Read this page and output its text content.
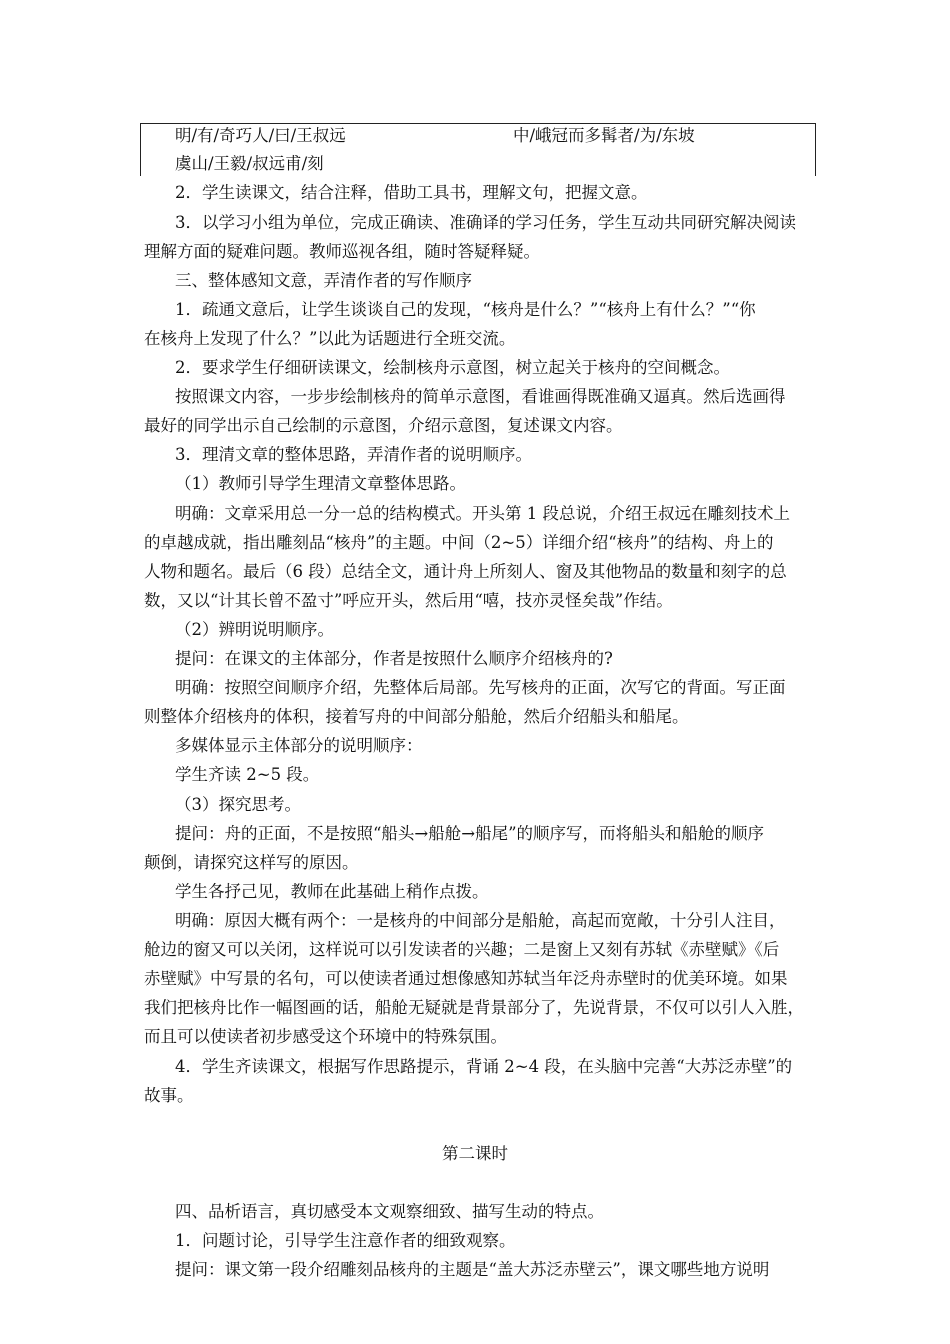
明/有/奇巧人/曰/王叔远	中/峨冠而多髯者/为/东坡
虞山/王毅/叔远甫/刻
2．学生读课文，结合注释，借助工具书，理解文句，把握文意。
3．以学习小组为单位，完成正确读、准确译的学习任务，学生互动共同研究解决阅读
理解方面的疑难问题。教师巡视各组，随时答疑释疑。
三、整体感知文意，弄清作者的写作顺序
1．疏通文意后，让学生谈谈自己的发现，“核舟是什么？”“核舟上有什么？”“你
在核舟上发现了什么？”以此为话题进行全班交流。
2．要求学生仔细研读课文，绘制核舟示意图，树立起关于核舟的空间概念。
按照课文内容，一步步绘制核舟的简单示意图，看谁画得既准确又逼真。然后选画得
最好的同学出示自己绘制的示意图，介绍示意图，复述课文内容。
3．理清文章的整体思路，弄清作者的说明顺序。
（1）教师引导学生理清文章整体思路。
明确：文章采用总一分一总的结构模式。开头第 1 段总说，介绍王叔远在雕刻技术上
的卓越成就，指出雕刻品“核舟”的主题。中间（2~5）详细介绍“核舟”的结构、舟上的
人物和题名。最后（6 段）总结全文，通计舟上所刻人、窗及其他物品的数量和刻字的总
数，又以“计其长曾不盈寸”呼应开头，然后用“嘻，技亦灵怪矣哉”作结。
（2）辨明说明顺序。
提问：在课文的主体部分，作者是按照什么顺序介绍核舟的?
明确：按照空间顺序介绍，先整体后局部。先写核舟的正面，次写它的背面。写正面
则整体介绍核舟的体积，接着写舟的中间部分船舱，然后介绍船头和船尾。
多媒体显示主体部分的说明顺序：
学生齐读 2~5 段。
（3）探究思考。
提问：舟的正面，不是按照“船头→船舱→船尾”的顺序写，而将船头和船舱的顺序
颠倒，请探究这样写的原因。
学生各抒己见，教师在此基础上稍作点拨。
明确：原因大概有两个：一是核舟的中间部分是船舱，高起而宽敞，十分引人注目，
舱边的窗又可以关闭，这样说可以引发读者的兴趣；二是窗上又刻有苏轼《赤壁赋》《后
赤壁赋》中写景的名句，可以使读者通过想像感知苏轼当年泛舟赤壁时的优美环境。如果
我们把核舟比作一幅图画的话，船舱无疑就是背景部分了，先说背景，不仅可以引人入胜，
而且可以使读者初步感受这个环境中的特殊氛围。
4．学生齐读课文，根据写作思路提示，背诵 2~4 段，在头脑中完善“大苏泛赤壁”的
故事。
第二课时
四、品析语言，真切感受本文观察细致、描写生动的特点。
1．问题讨论，引导学生注意作者的细致观察。
提问：课文第一段介绍雕刻品核舟的主题是“盖大苏泛赤壁云”，课文哪些地方说明
